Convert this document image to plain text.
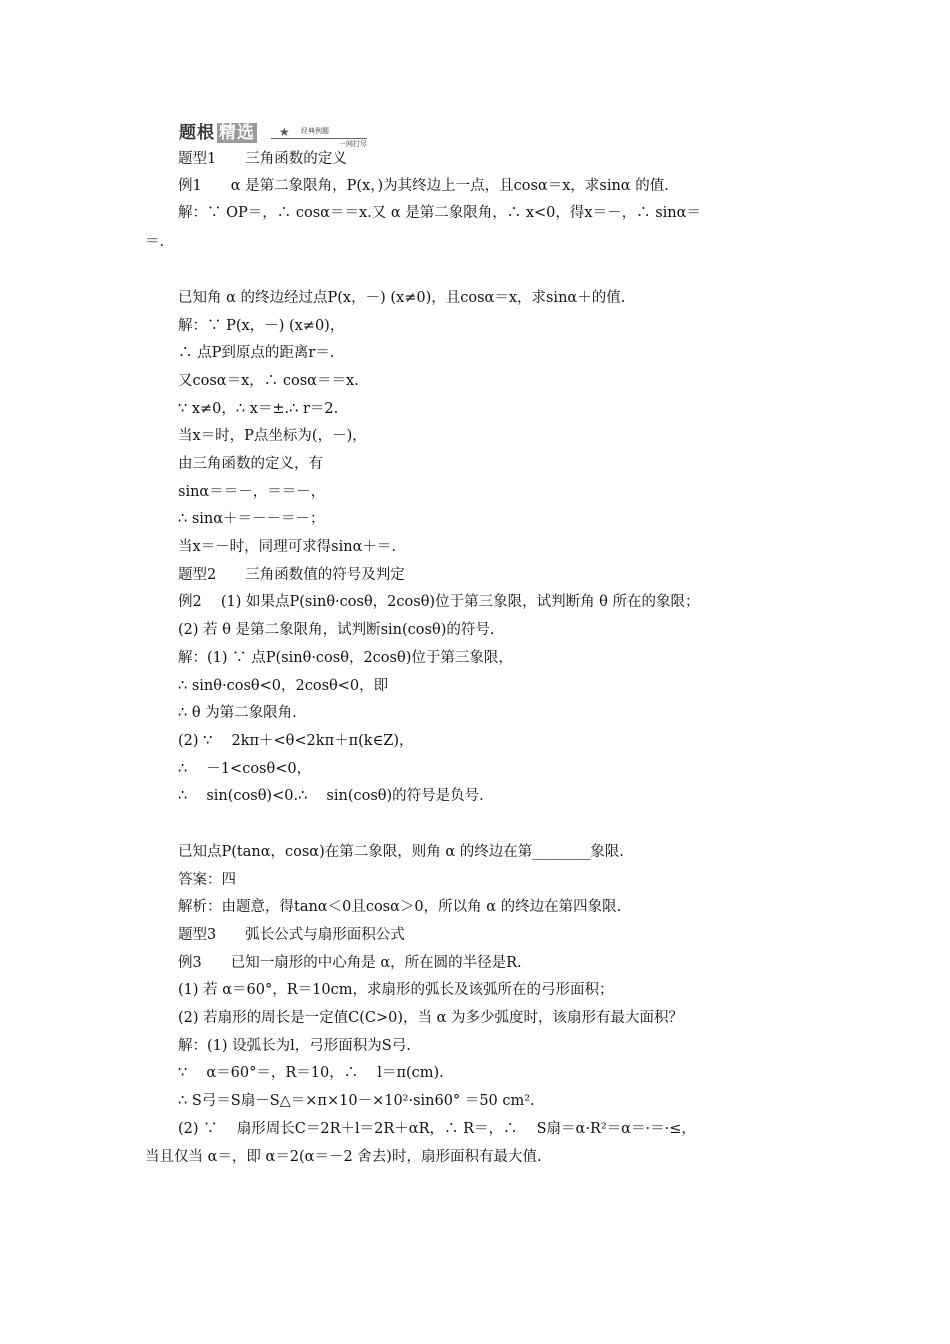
题根 精选 ★ 经典例题
一网打尽
题型1　　三角函数的定义
例1　　α 是第二象限角，P(x，)为其终边上一点，且cosα＝x，求sinα 的值.
解：∵ OP＝，∴ cosα＝＝x.又 α 是第二象限角，∴ x<0，得x＝－，∴ sinα＝
＝.
已知角 α 的终边经过点P(x，－) (x≠0)，且cosα＝x，求sinα＋的值.
解：∵ P(x，－) (x≠0)，
∴ 点P到原点的距离r＝.
又cosα＝x，∴ cosα＝＝x.
∵ x≠0，∴ x＝±.∴ r＝2.
当x＝时，P点坐标为(，－)，
由三角函数的定义，有
sinα＝＝－，＝＝－，
∴ sinα＋＝－－＝－；
当x＝－时，同理可求得sinα＋＝.
题型2　　三角函数值的符号及判定
例2　 (1) 如果点P(sinθ·cosθ，2cosθ)位于第三象限，试判断角 θ 所在的象限；
(2) 若 θ 是第二象限角，试判断sin(cosθ)的符号.
解：(1) ∵ 点P(sinθ·cosθ，2cosθ)位于第三象限，
∴ sinθ·cosθ<0，2cosθ<0，即
∴ θ 为第二象限角.
(2) ∵　 2kπ＋<θ<2kπ＋π(k∈Z)，
∴　 －1<cosθ<0，
∴　 sin(cosθ)<0.∴　 sin(cosθ)的符号是负号.
已知点P(tanα，cosα)在第二象限，则角 α 的终边在第________象限.
答案：四
解析：由题意，得tanα＜0且cosα＞0，所以角 α 的终边在第四象限.
题型3　　弧长公式与扇形面积公式
例3　　已知一扇形的中心角是 α，所在圆的半径是R.
(1) 若 α＝60°，R＝10cm，求扇形的弧长及该弧所在的弓形面积；
(2) 若扇形的周长是一定值C(C>0)，当 α 为多少弧度时，该扇形有最大面积？
解：(1) 设弧长为l，弓形面积为S弓.
∵　 α＝60°＝，R＝10，∴　 l＝π(cm).
∴ S弓＝S扇－S△＝×π×10－×10²·sin60° ＝50 cm².
(2) ∵　 扇形周长C＝2R＋l＝2R＋αR，∴ R＝，∴　 S扇＝α·R²＝α＝·＝·≤，
当且仅当 α＝，即 α＝2(α＝－2 舍去)时，扇形面积有最大值.
